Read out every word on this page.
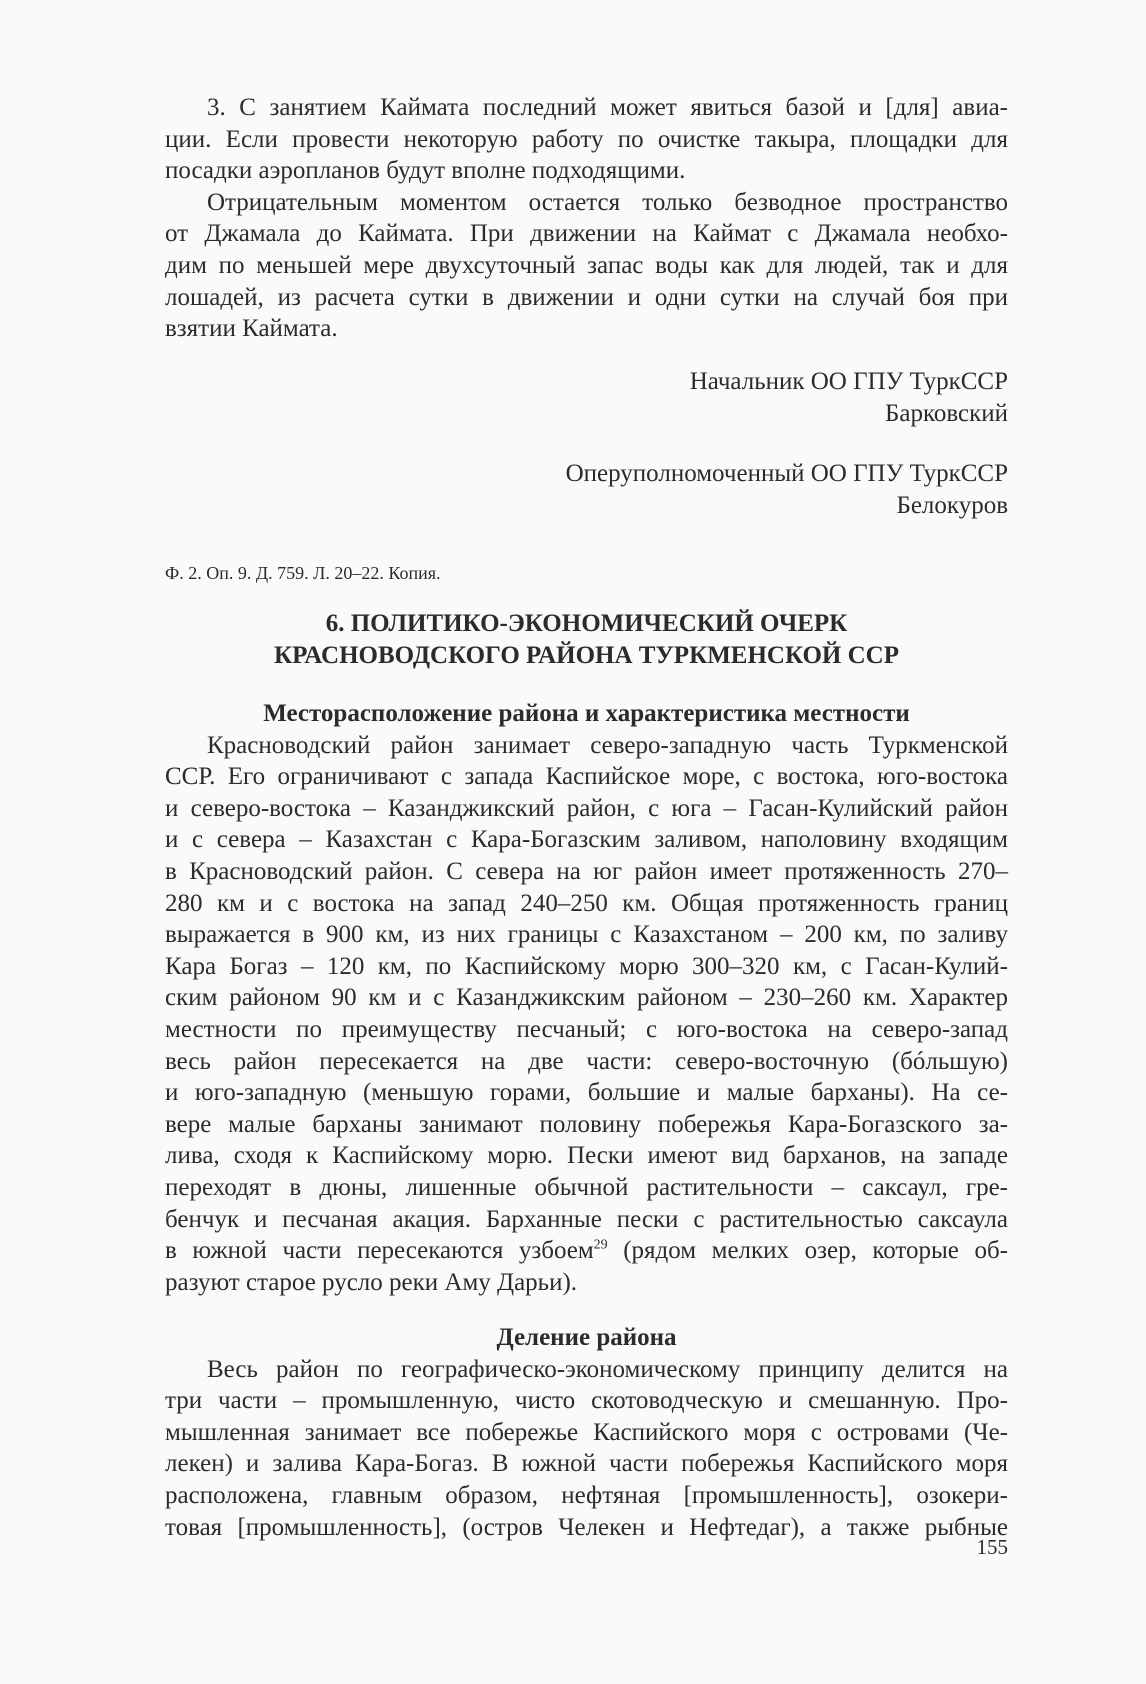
3. С занятием Каймата последний может явиться базой и [для] авиа-
ции. Если провести некоторую работу по очистке такыра, площадки для
посадки аэропланов будут вполне подходящими.
Отрицательным моментом остается только безводное пространство
от Джамала до Каймата. При движении на Каймат с Джамала необхо-
дим по меньшей мере двухсуточный запас воды как для людей, так и для
лошадей, из расчета сутки в движении и одни сутки на случай боя при
взятии Каймата.
Начальник ОО ГПУ ТуркССР
Барковский
Оперуполномоченный ОО ГПУ ТуркССР
Белокуров
Ф. 2. Оп. 9. Д. 759. Л. 20–22. Копия.
6. ПОЛИТИКО-ЭКОНОМИЧЕСКИЙ ОЧЕРК
КРАСНОВОДСКОГО РАЙОНА ТУРКМЕНСКОЙ ССР
Месторасположение района и характеристика местности
Красноводский район занимает северо-западную часть Туркменской
ССР. Его ограничивают с запада Каспийское море, с востока, юго-востока
и северо-востока – Казанджикский район, с юга – Гасан-Кулийский район
и с севера – Казахстан с Кара-Богазским заливом, наполовину входящим
в Красноводский район. С севера на юг район имеет протяженность 270–
280 км и с востока на запад 240–250 км. Общая протяженность границ
выражается в 900 км, из них границы с Казахстаном – 200 км, по заливу
Кара Богаз – 120 км, по Каспийскому морю 300–320 км, с Гасан-Кулий-
ским районом 90 км и с Казанджикским районом – 230–260 км. Характер
местности по преимуществу песчаный; с юго-востока на северо-запад
весь район пересекается на две части: северо-восточную (бóльшую)
и юго-западную (меньшую горами, большие и малые барханы). На се-
вере малые барханы занимают половину побережья Кара-Богазского за-
лива, сходя к Каспийскому морю. Пески имеют вид барханов, на западе
переходят в дюны, лишенные обычной растительности – саксаул, гре-
бенчук и песчаная акация. Барханные пески с растительностью саксаула
в южной части пересекаются узбоем$^{29}$ (рядом мелких озер, которые об-
разуют старое русло реки Аму Дарьи).
Деление района
Весь район по географическо-экономическому принципу делится на
три части – промышленную, чисто скотоводческую и смешанную. Про-
мышленная занимает все побережье Каспийского моря с островами (Че-
лекен) и залива Кара-Богаз. В южной части побережья Каспийского моря
расположена, главным образом, нефтяная [промышленность], озокери-
товая [промышленность], (остров Челекен и Нефтедаг), а также рыбные
155
